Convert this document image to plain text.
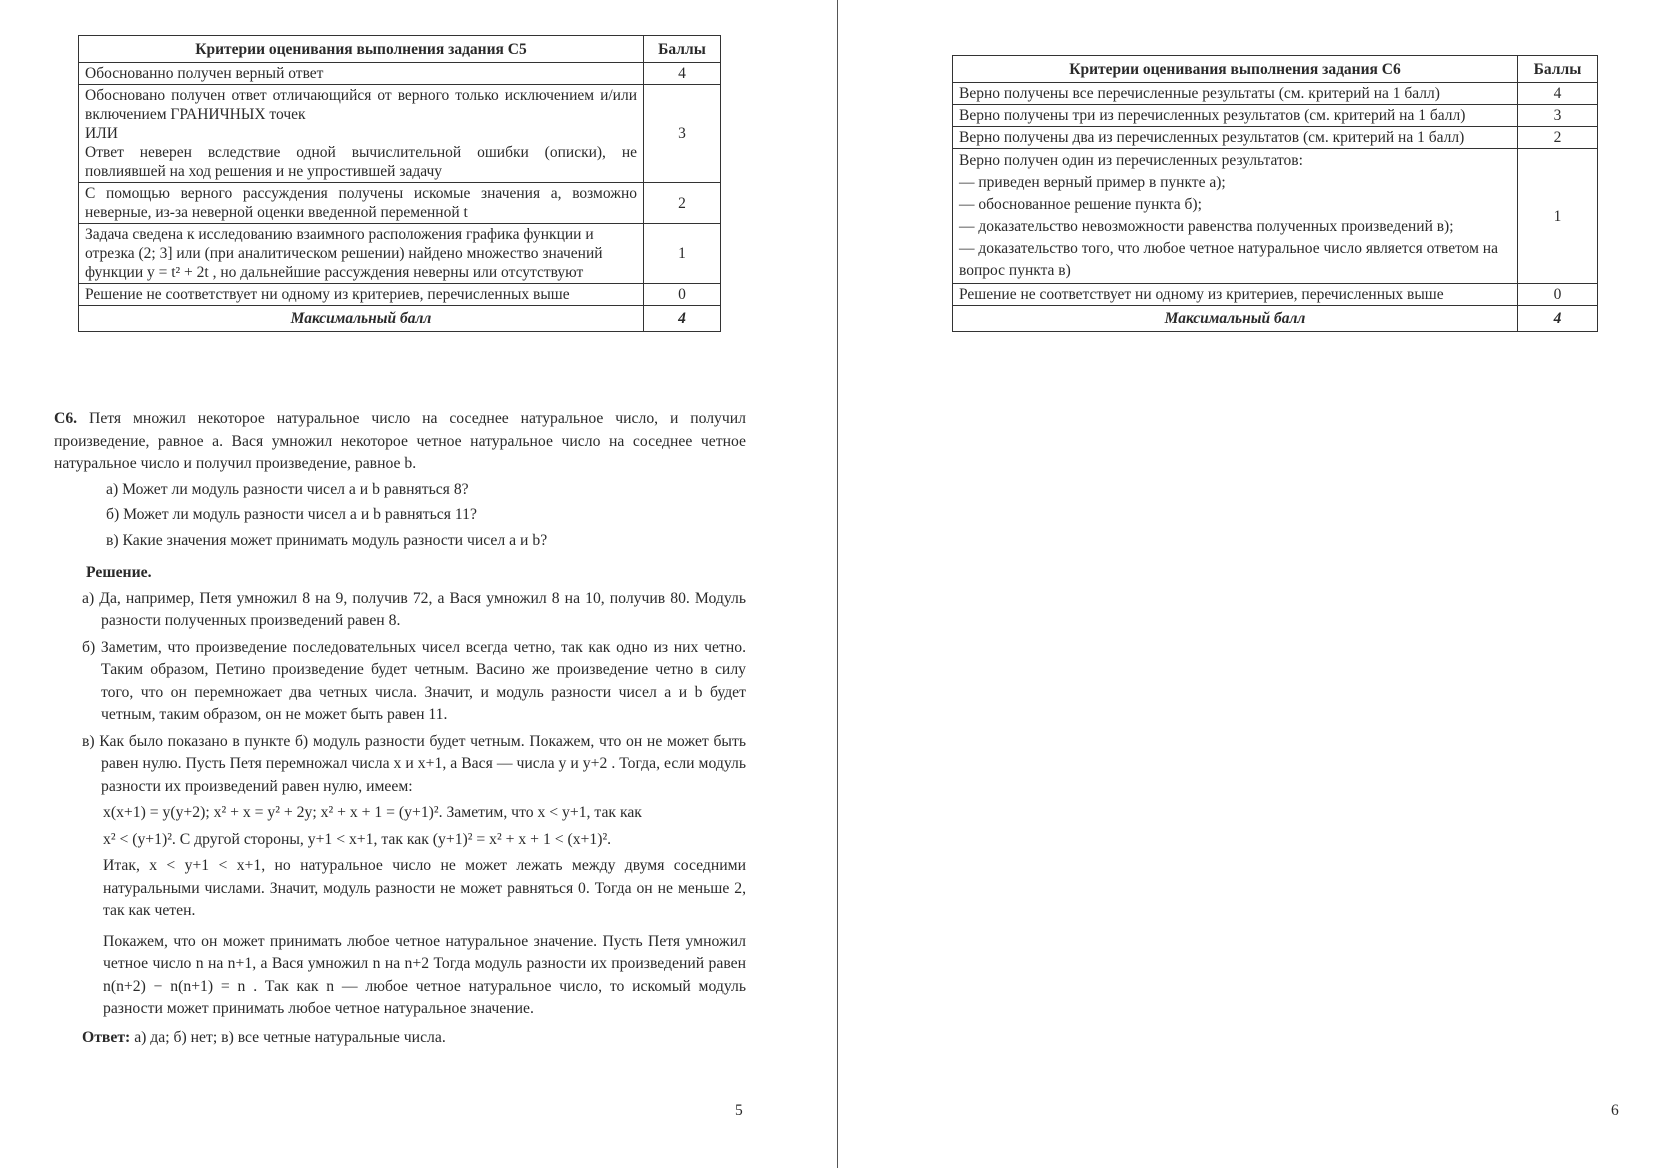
Критерии оценивания выполнения задания С5	Баллы

Обоснованно получен верный ответ	4

Обосновано получен ответ отличающийся от верного только исключением и/или включением ГРАНИЧНЫХ точек
ИЛИ
Ответ неверен вследствие одной вычислительной ошибки (описки), не повлиявшей на ход решения и не упростившей задачу	3

С помощью верного рассуждения получены искомые значения a, возможно неверные, из-за неверной оценки введенной переменной t	2

Задача сведена к исследованию взаимного расположения графика функции и отрезка (2; 3] или (при аналитическом решении) найдено множество значений функции y = t² + 2t , но дальнейшие рассуждения неверны или отсутствуют	1

Решение не соответствует ни одному из критериев, перечисленных выше	0
Максимальный балл	4
Критерии оценивания выполнения задания С6	Баллы

Верно получены все перечисленные результаты (см. критерий на 1 балл)	4

Верно получены три из перечисленных результатов (см. критерий на 1 балл)	3

Верно получены два из перечисленных результатов (см. критерий на 1 балл)	2

Верно получен один из перечисленных результатов:
— приведен верный пример в пункте а);
— обоснованное решение пункта б);
— доказательство невозможности равенства полученных произведений в);
— доказательство того, что любое четное натуральное число является ответом на вопрос пункта в)	1

Решение не соответствует ни одному из критериев, перечисленных выше	0
Максимальный балл	4

С6. Петя множил некоторое натуральное число на соседнее натуральное число, и получил произведение, равное a. Вася умножил некоторое четное натуральное число на соседнее четное натуральное число и получил произведение, равное b.

а) Может ли модуль разности чисел a и b равняться 8?

б) Может ли модуль разности чисел a и b равняться 11?

в) Какие значения может принимать модуль разности чисел a и b?

Решение.

а) Да, например, Петя умножил 8 на 9, получив 72, а Вася умножил 8 на 10, получив 80. Модуль разности полученных произведений равен 8.

б) Заметим, что произведение последовательных чисел всегда четно, так как одно из них четно. Таким образом, Петино произведение будет четным. Васино же произведение четно в силу того, что он перемножает два четных числа. Значит, и модуль разности чисел a и b будет четным, таким образом, он не может быть равен 11.

в) Как было показано в пункте б) модуль разности будет четным. Покажем, что он не может быть равен нулю. Пусть Петя перемножал числа x и x+1, а Вася — числа y и y+2 . Тогда, если модуль разности их произведений равен нулю, имеем:

x(x+1) = y(y+2); x² + x = y² + 2y; x² + x + 1 = (y+1)². Заметим, что x < y+1, так как

x² < (y+1)². С другой стороны, y+1 < x+1, так как (y+1)² = x² + x + 1 < (x+1)².

Итак, x < y+1 < x+1, но натуральное число не может лежать между двумя соседними натуральными числами. Значит, модуль разности не может равняться 0. Тогда он не меньше 2, так как четен.

Покажем, что он может принимать любое четное натуральное значение. Пусть Петя умножил четное число n на n+1, а Вася умножил n на n+2 Тогда модуль разности их произведений равен n(n+2) − n(n+1) = n . Так как n — любое четное натуральное число, то искомый модуль разности может принимать любое четное натуральное значение.

Ответ: а) да; б) нет; в) все четные натуральные числа.

5	6
